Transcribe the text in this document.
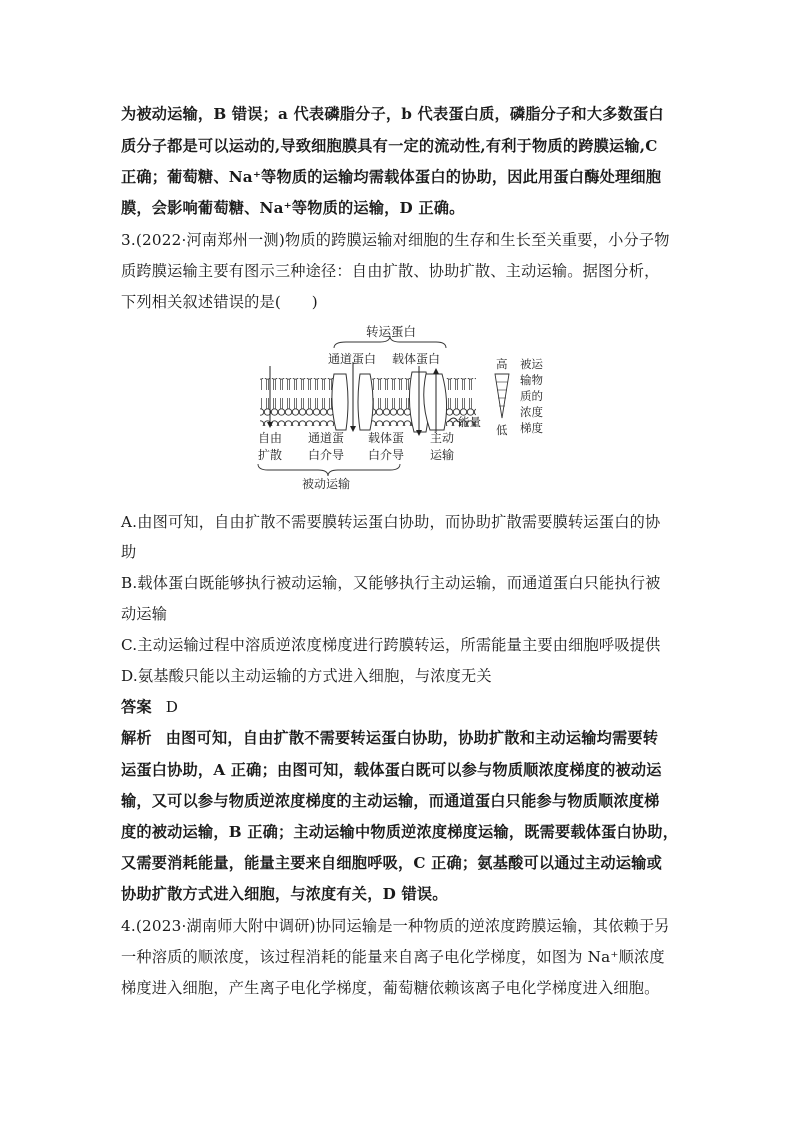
为被动运输，B 错误；a 代表磷脂分子，b 代表蛋白质，磷脂分子和大多数蛋白
质分子都是可以运动的,导致细胞膜具有一定的流动性,有利于物质的跨膜运输,C
正确；葡萄糖、Na⁺等物质的运输均需载体蛋白的协助，因此用蛋白酶处理细胞
膜，会影响葡萄糖、Na⁺等物质的运输，D 正确。
3.(2022·河南郑州一测)物质的跨膜运输对细胞的生存和生长至关重要，小分子物
质跨膜运输主要有图示三种途径：自由扩散、协助扩散、主动运输。据图分析，
下列相关叙述错误的是(　　)
转运蛋白
通道蛋白 载体蛋白
能量
高
低
被运
输物
质的
浓度
梯度
自由
扩散
通道蛋
白介导
载体蛋
白介导
主动
运输
被动运输
A.由图可知，自由扩散不需要膜转运蛋白协助，而协助扩散需要膜转运蛋白的协
助
B.载体蛋白既能够执行被动运输，又能够执行主动运输，而通道蛋白只能执行被
动运输
C.主动运输过程中溶质逆浓度梯度进行跨膜转运，所需能量主要由细胞呼吸提供
D.氨基酸只能以主动运输的方式进入细胞，与浓度无关
答案 D
解析 由图可知，自由扩散不需要转运蛋白协助，协助扩散和主动运输均需要转
运蛋白协助，A 正确；由图可知，载体蛋白既可以参与物质顺浓度梯度的被动运
输，又可以参与物质逆浓度梯度的主动运输，而通道蛋白只能参与物质顺浓度梯
度的被动运输，B 正确；主动运输中物质逆浓度梯度运输，既需要载体蛋白协助，
又需要消耗能量，能量主要来自细胞呼吸，C 正确；氨基酸可以通过主动运输或
协助扩散方式进入细胞，与浓度有关，D 错误。
4.(2023·湖南师大附中调研)协同运输是一种物质的逆浓度跨膜运输，其依赖于另
一种溶质的顺浓度，该过程消耗的能量来自离子电化学梯度，如图为 Na⁺顺浓度
梯度进入细胞，产生离子电化学梯度，葡萄糖依赖该离子电化学梯度进入细胞。
